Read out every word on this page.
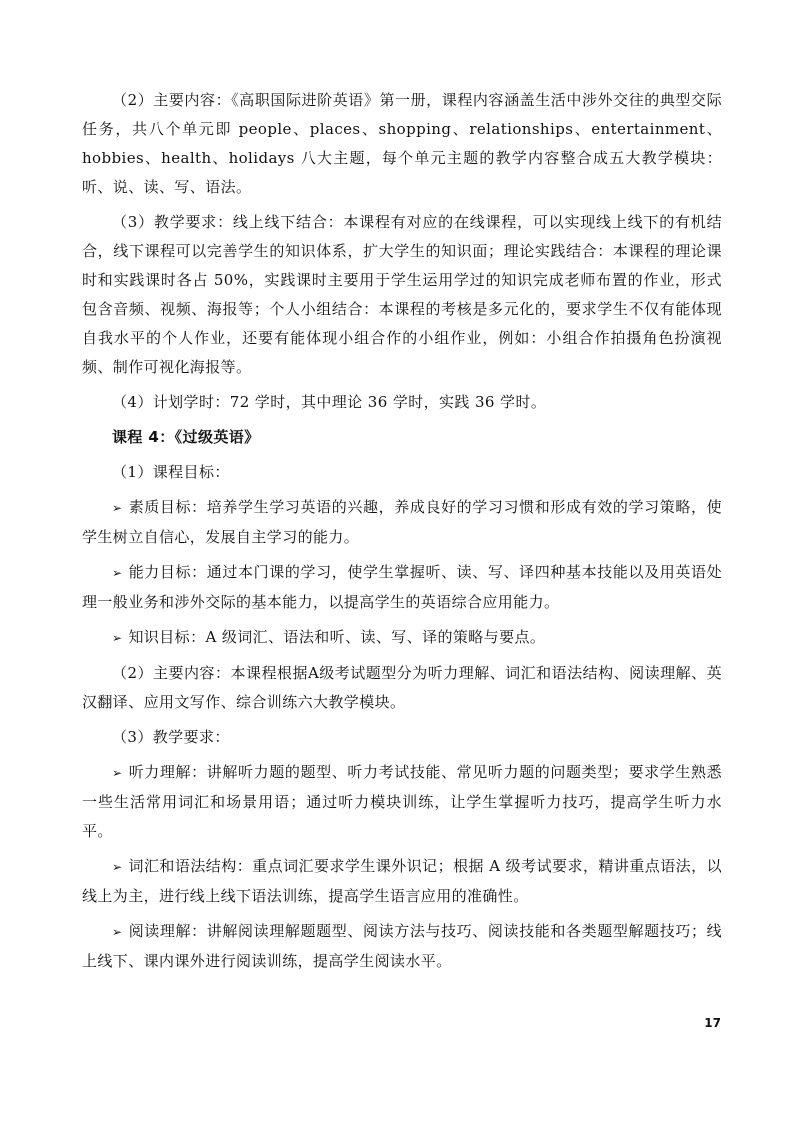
（2）主要内容：《高职国际进阶英语》第一册，课程内容涵盖生活中涉外交往的典型交际任务，共八个单元即 people、places、shopping、relationships、entertainment、hobbies、health、holidays 八大主题，每个单元主题的教学内容整合成五大教学模块：听、说、读、写、语法。

（3）教学要求：线上线下结合：本课程有对应的在线课程，可以实现线上线下的有机结合，线下课程可以完善学生的知识体系，扩大学生的知识面；理论实践结合：本课程的理论课时和实践课时各占 50%，实践课时主要用于学生运用学过的知识完成老师布置的作业，形式包含音频、视频、海报等；个人小组结合：本课程的考核是多元化的，要求学生不仅有能体现自我水平的个人作业，还要有能体现小组合作的小组作业，例如：小组合作拍摄角色扮演视频、制作可视化海报等。

（4）计划学时：72 学时，其中理论 36 学时，实践 36 学时。

课程 4：《过级英语》

（1）课程目标：

➢ 素质目标：培养学生学习英语的兴趣，养成良好的学习习惯和形成有效的学习策略，使学生树立自信心，发展自主学习的能力。

➢ 能力目标：通过本门课的学习，使学生掌握听、读、写、译四种基本技能以及用英语处理一般业务和涉外交际的基本能力，以提高学生的英语综合应用能力。

➢ 知识目标：A 级词汇、语法和听、读、写、译的策略与要点。

（2）主要内容：本课程根据A级考试题型分为听力理解、词汇和语法结构、阅读理解、英汉翻译、应用文写作、综合训练六大教学模块。

（3）教学要求：

➢ 听力理解：讲解听力题的题型、听力考试技能、常见听力题的问题类型；要求学生熟悉一些生活常用词汇和场景用语；通过听力模块训练，让学生掌握听力技巧，提高学生听力水平。

➢ 词汇和语法结构：重点词汇要求学生课外识记；根据 A 级考试要求，精讲重点语法，以线上为主，进行线上线下语法训练，提高学生语言应用的准确性。

➢ 阅读理解：讲解阅读理解题题型、阅读方法与技巧、阅读技能和各类题型解题技巧；线上线下、课内课外进行阅读训练，提高学生阅读水平。

17
